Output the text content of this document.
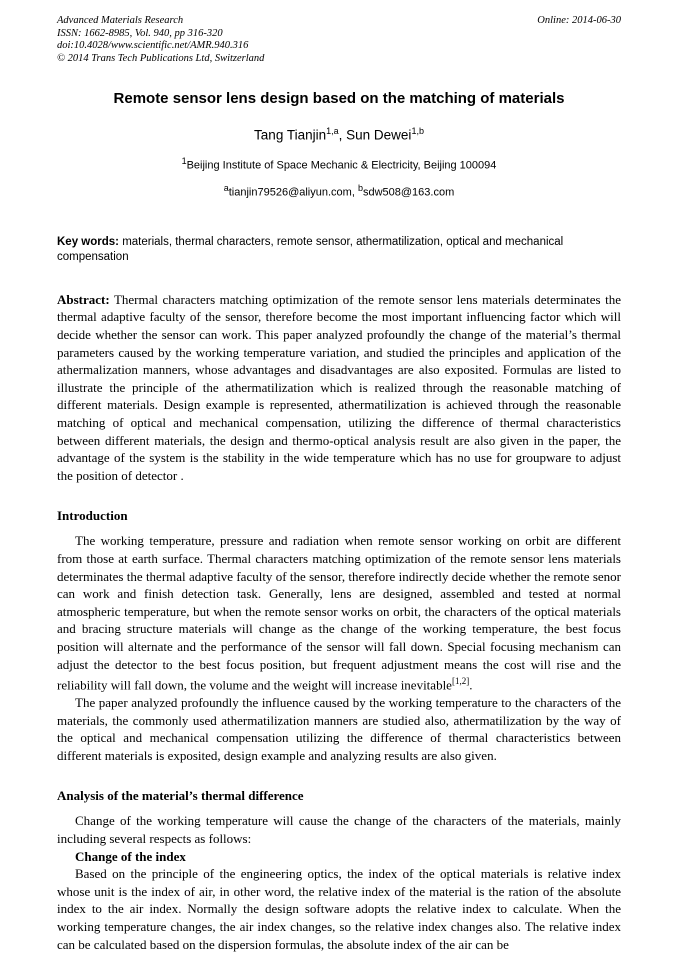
Advanced Materials Research
ISSN: 1662-8985, Vol. 940, pp 316-320
doi:10.4028/www.scientific.net/AMR.940.316
© 2014 Trans Tech Publications Ltd, Switzerland
Online: 2014-06-30
Remote sensor lens design based on the matching of materials
Tang Tianjin$^{1,a}$, Sun Dewei$^{1,b}$
$^1$Beijing Institute of Space Mechanic & Electricity, Beijing 100094
$^a$tianjin79526@aliyun.com, $^b$sdw508@163.com

Key words: materials, thermal characters, remote sensor, athermatilization, optical and mechanical compensation

Abstract: Thermal characters matching optimization of the remote sensor lens materials determinates the thermal adaptive faculty of the sensor, therefore become the most important influencing factor which will decide whether the sensor can work. This paper analyzed profoundly the change of the material’s thermal parameters caused by the working temperature variation, and studied the principles and application of the athermalization manners, whose advantages and disadvantages are also exposited. Formulas are listed to illustrate the principle of the athermatilization which is realized through the reasonable matching of different materials. Design example is represented, athermatilization is achieved through the reasonable matching of optical and mechanical compensation, utilizing the difference of thermal characteristics between different materials, the design and thermo-optical analysis result are also given in the paper, the advantage of the system is the stability in the wide temperature which has no use for groupware to adjust the position of detector .

Introduction

The working temperature, pressure and radiation when remote sensor working on orbit are different from those at earth surface. Thermal characters matching optimization of the remote sensor lens materials determinates the thermal adaptive faculty of the sensor, therefore indirectly decide whether the remote senor can work and finish detection task. Generally, lens are designed, assembled and tested at normal atmospheric temperature, but when the remote sensor works on orbit, the characters of the optical materials and bracing structure materials will change as the change of the working temperature, the best focus position will alternate and the performance of the sensor will fall down. Special focusing mechanism can adjust the detector to the best focus position, but frequent adjustment means the cost will rise and the reliability will fall down, the volume and the weight will increase inevitable[1,2].

The paper analyzed profoundly the influence caused by the working temperature to the characters of the materials, the commonly used athermatilization manners are studied also, athermatilization by the way of the optical and mechanical compensation utilizing the difference of thermal characteristics between different materials is exposited, design example and analyzing results are also given.

Analysis of the material’s thermal difference

Change of the working temperature will cause the change of the characters of the materials, mainly including several respects as follows:

Change of the index

Based on the principle of the engineering optics, the index of the optical materials is relative index whose unit is the index of air, in other word, the relative index of the material is the ration of the absolute index to the air index. Normally the design software adopts the relative index to calculate. When the working temperature changes, the air index changes, so the relative index changes also. The relative index can be calculated based on the dispersion formulas, the absolute index of the air can be
